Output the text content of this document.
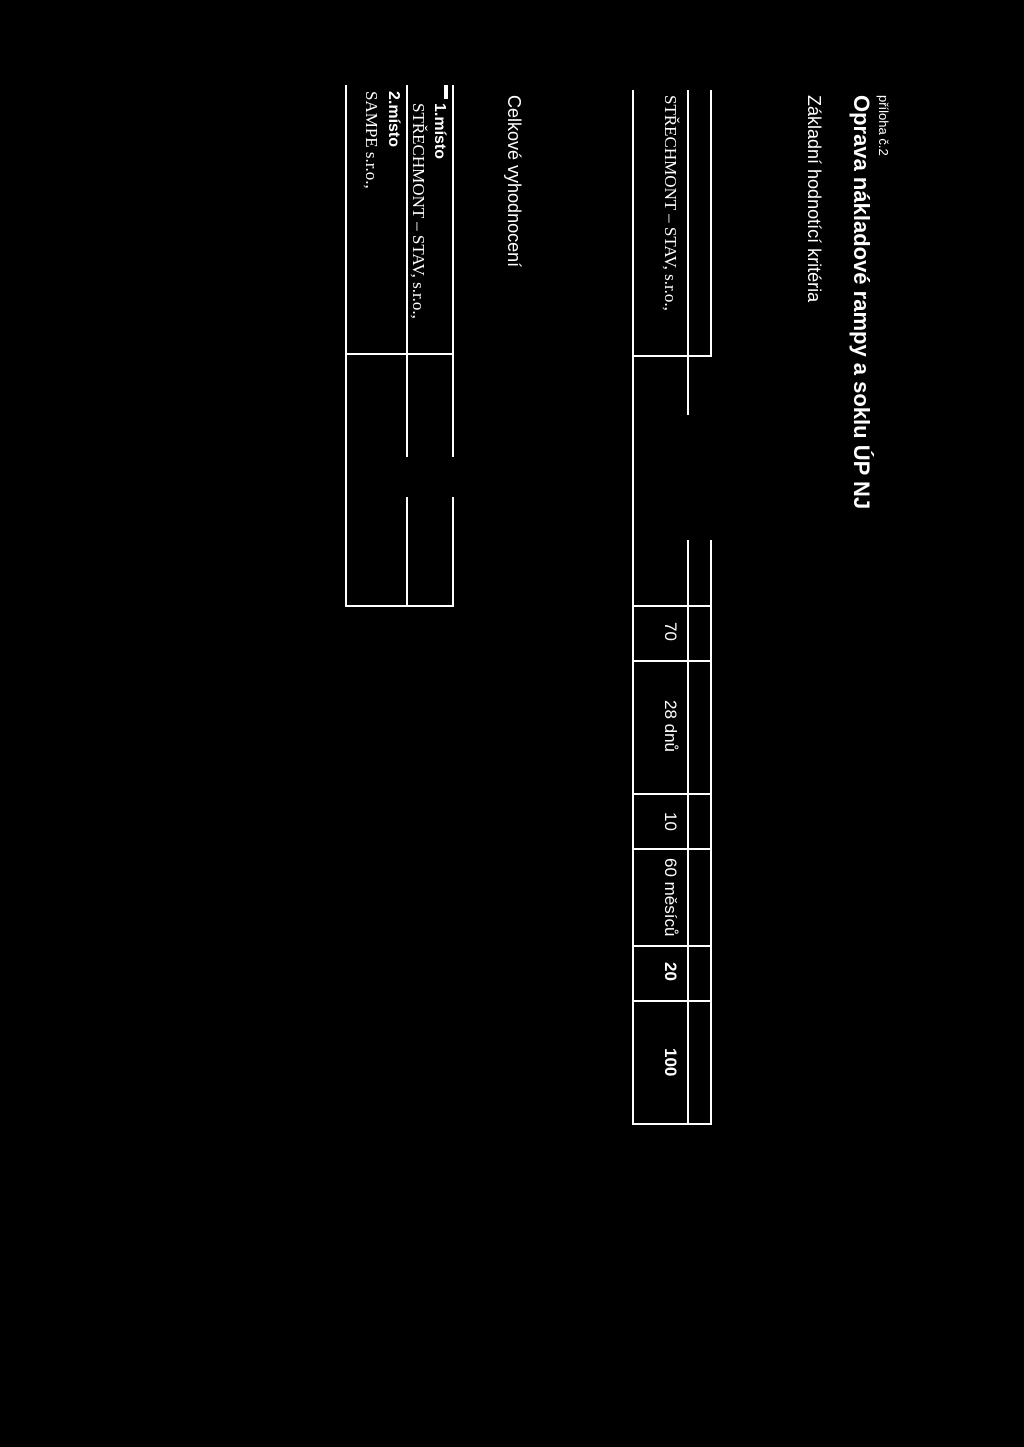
příloha č.2
Oprava nákladové rampy a soklu ÚP NJ
Základní hodnotící kritéria
STŘECHMONT – STAV, s.r.o.,
70
28 dnů
10
60 měsíců
20
100
Celkové vyhodnocení
1.místo
STŘECHMONT – STAV, s.r.o.,
2.místo
SAMPE s.r.o.,
